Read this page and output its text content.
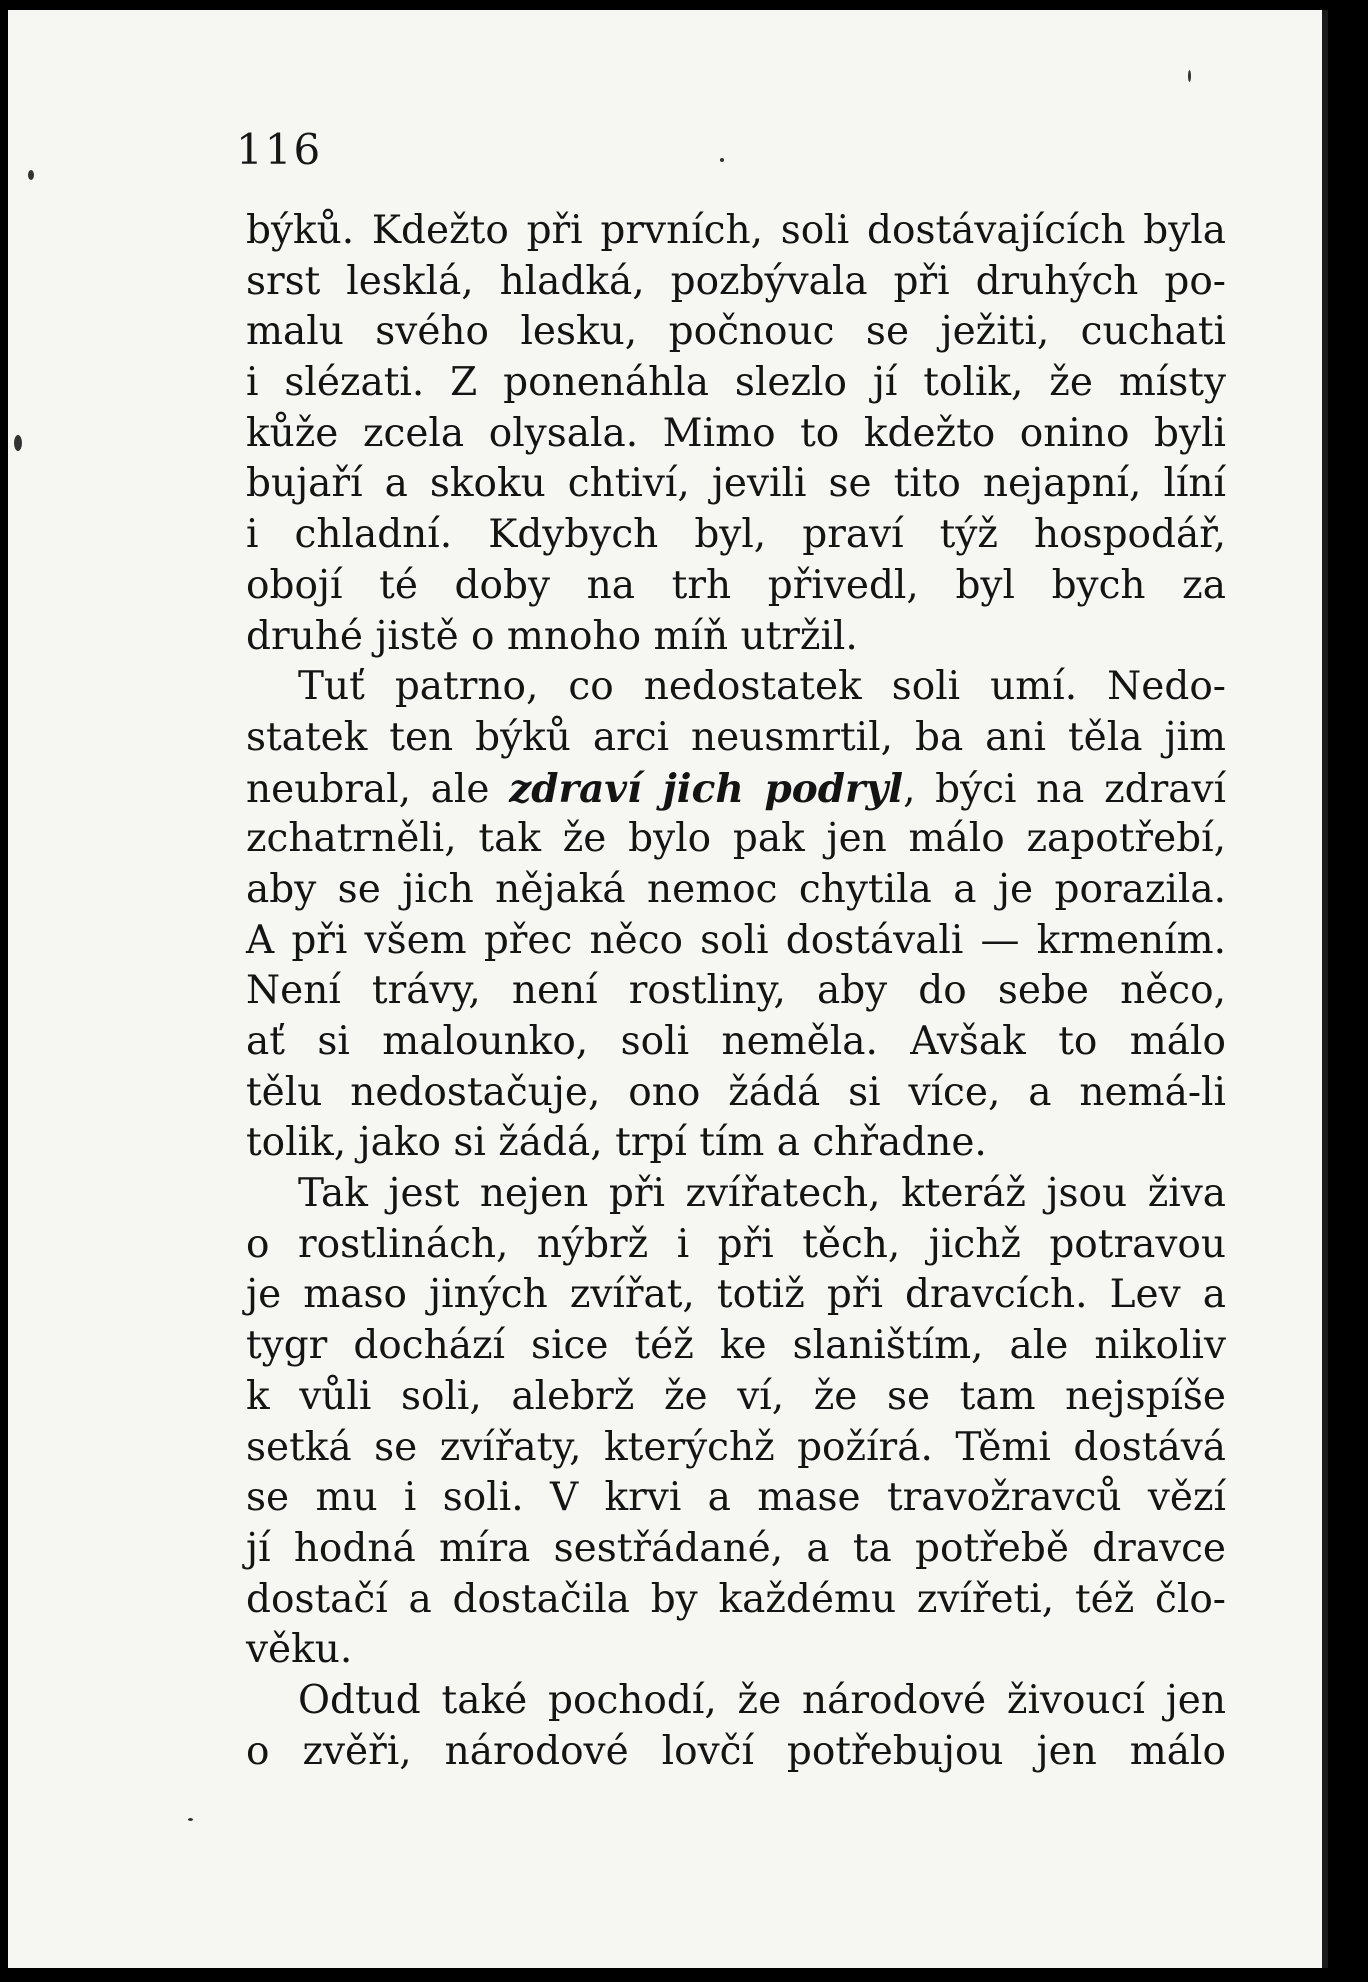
116
býků. Kdežto při prvních, soli dostávajících byla
srst lesklá, hladká, pozbývala při druhých po-
malu svého lesku, počnouc se ježiti, cuchati
i slézati. Z ponenáhla slezlo jí tolik, že místy
kůže zcela olysala. Mimo to kdežto onino byli
bujaří a skoku chtiví, jevili se tito nejapní, líní
i chladní. Kdybych byl, praví týž hospodář,
obojí té doby na trh přivedl, byl bych za
druhé jistě o mnoho míň utržil.
Tuť patrno, co nedostatek soli umí. Nedo-
statek ten býků arci neusmrtil, ba ani těla jim
neubral, ale zdraví jich podryl, býci na zdraví
zchatrněli, tak že bylo pak jen málo zapotřebí,
aby se jich nějaká nemoc chytila a je porazila.
A při všem přec něco soli dostávali — krmením.
Není trávy, není rostliny, aby do sebe něco,
ať si malounko, soli neměla. Avšak to málo
tělu nedostačuje, ono žádá si více, a nemá-li
tolik, jako si žádá, trpí tím a chřadne.
Tak jest nejen při zvířatech, kteráž jsou živa
o rostlinách, nýbrž i při těch, jichž potravou
je maso jiných zvířat, totiž při dravcích. Lev a
tygr dochází sice též ke slaništím, ale nikoliv
k vůli soli, alebrž že ví, že se tam nejspíše
setká se zvířaty, kterýchž požírá. Těmi dostává
se mu i soli. V krvi a mase travožravců vězí
jí hodná míra sestřádané, a ta potřebě dravce
dostačí a dostačila by každému zvířeti, též člo-
věku.
Odtud také pochodí, že národové živoucí jen
o zvěři, národové lovčí potřebujou jen málo
